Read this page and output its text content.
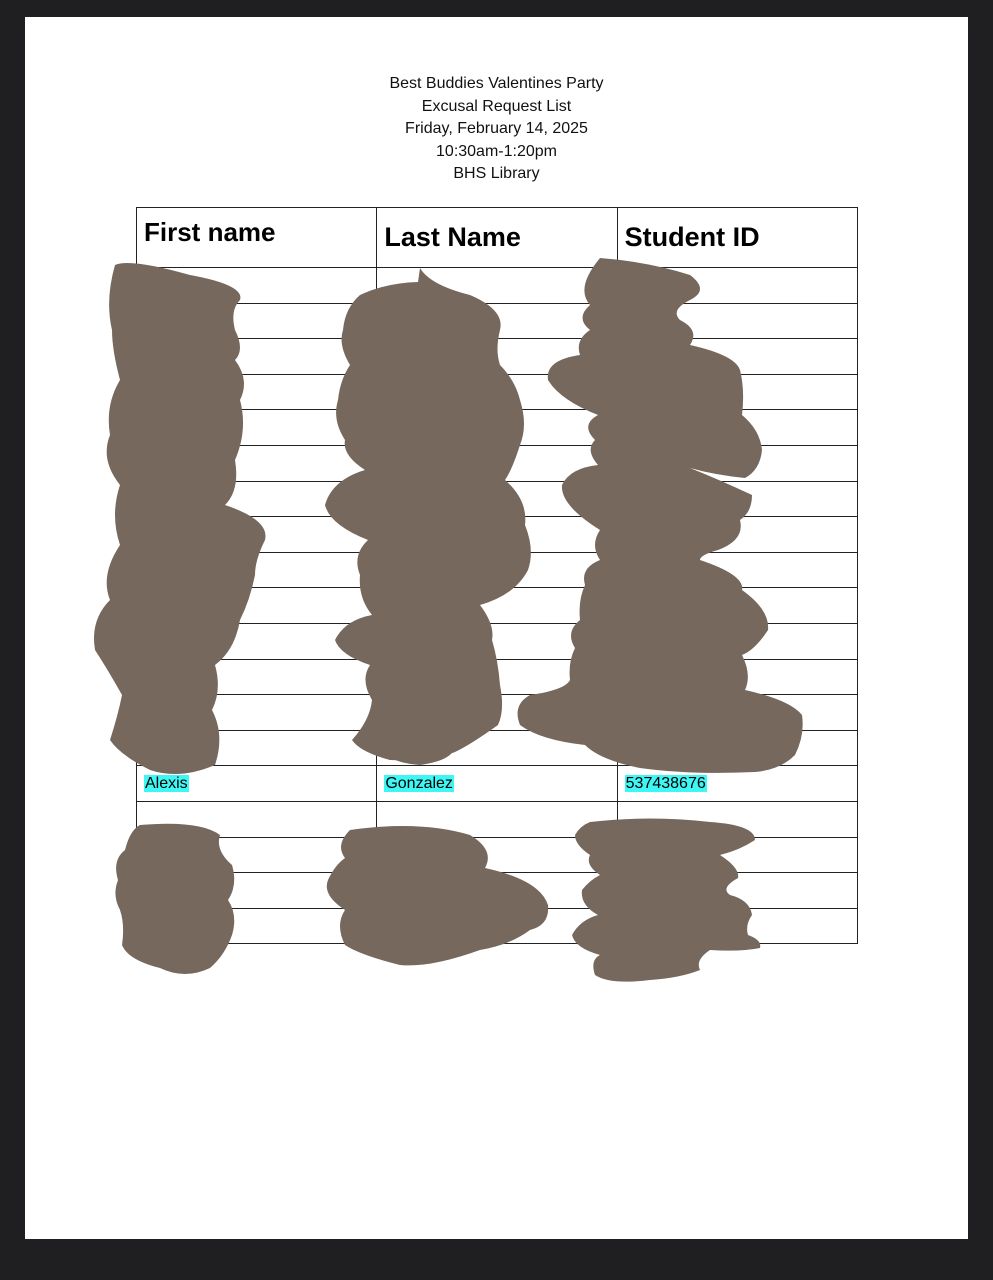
Best Buddies Valentines Party
Excusal Request List
Friday, February 14, 2025
10:30am-1:20pm
BHS Library
First name	Last Name	Student ID

Alexis	Gonzalez	537438676
